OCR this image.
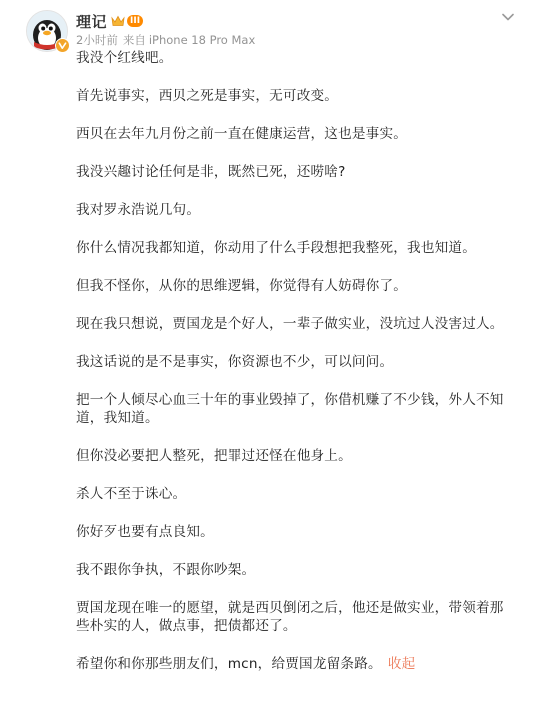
理记	III
2小时前 来自 iPhone 18 Pro Max

我没个红线吧。

首先说事实，西贝之死是事实，无可改变。

西贝在去年九月份之前一直在健康运营，这也是事实。

我没兴趣讨论任何是非，既然已死，还唠啥?

我对罗永浩说几句。

你什么情况我都知道，你动用了什么手段想把我整死，我也知道。

但我不怪你，从你的思维逻辑，你觉得有人妨碍你了。

现在我只想说，贾国龙是个好人，一辈子做实业，没坑过人没害过人。

我这话说的是不是事实，你资源也不少，可以问问。

把一个人倾尽心血三十年的事业毁掉了，你借机赚了不少钱，外人不知道，我知道。

但你没必要把人整死，把罪过还怪在他身上。

杀人不至于诛心。

你好歹也要有点良知。

我不跟你争执，不跟你吵架。

贾国龙现在唯一的愿望，就是西贝倒闭之后，他还是做实业，带领着那些朴实的人，做点事，把债都还了。

希望你和你那些朋友们，mcn，给贾国龙留条路。 收起
